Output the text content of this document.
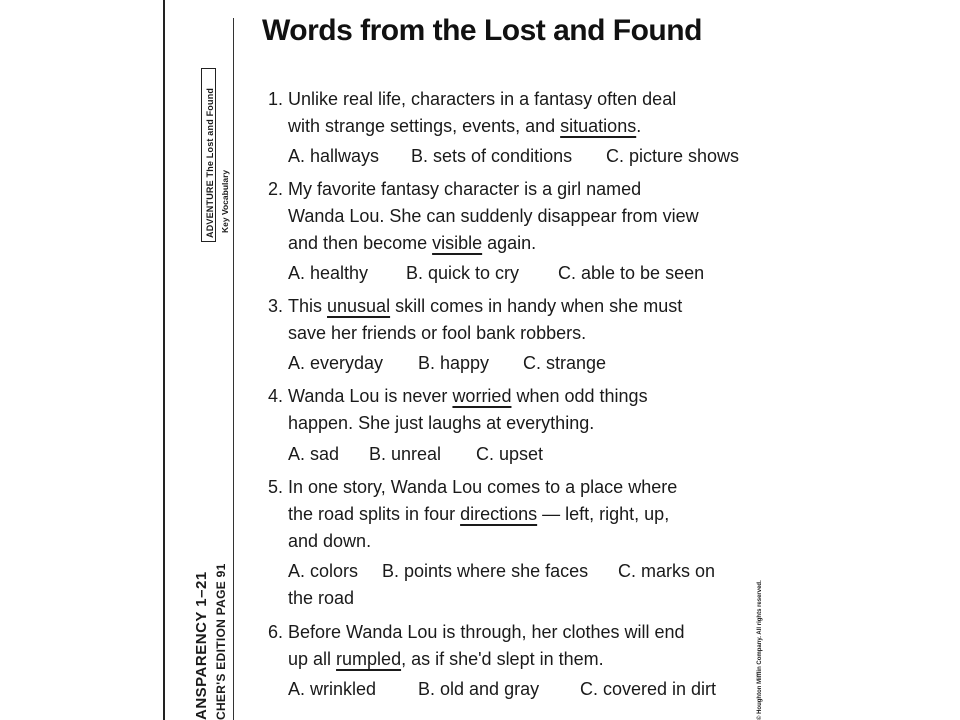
ADVENTURE The Lost and Found Key Vocabulary
ANSPARENCY 1–21 CHER'S EDITION PAGE 91	© Houghton Mifflin Company. All rights reserved.
Words from the Lost and Found
1. Unlike real life, characters in a fantasy often deal
with strange settings, events, and situations.
A. hallways B. sets of conditions C. picture shows
2. My favorite fantasy character is a girl named
Wanda Lou. She can suddenly disappear from view
and then become visible again.
A. healthy B. quick to cry C. able to be seen
3. This unusual skill comes in handy when she must
save her friends or fool bank robbers.
A. everyday B. happy C. strange
4. Wanda Lou is never worried when odd things
happen. She just laughs at everything.
A. sad B. unreal C. upset
5. In one story, Wanda Lou comes to a place where
the road splits in four directions — left, right, up,
and down.
A. colors B. points where she faces C. marks on
the road
6. Before Wanda Lou is through, her clothes will end
up all rumpled, as if she'd slept in them.
A. wrinkled B. old and gray C. covered in dirt
